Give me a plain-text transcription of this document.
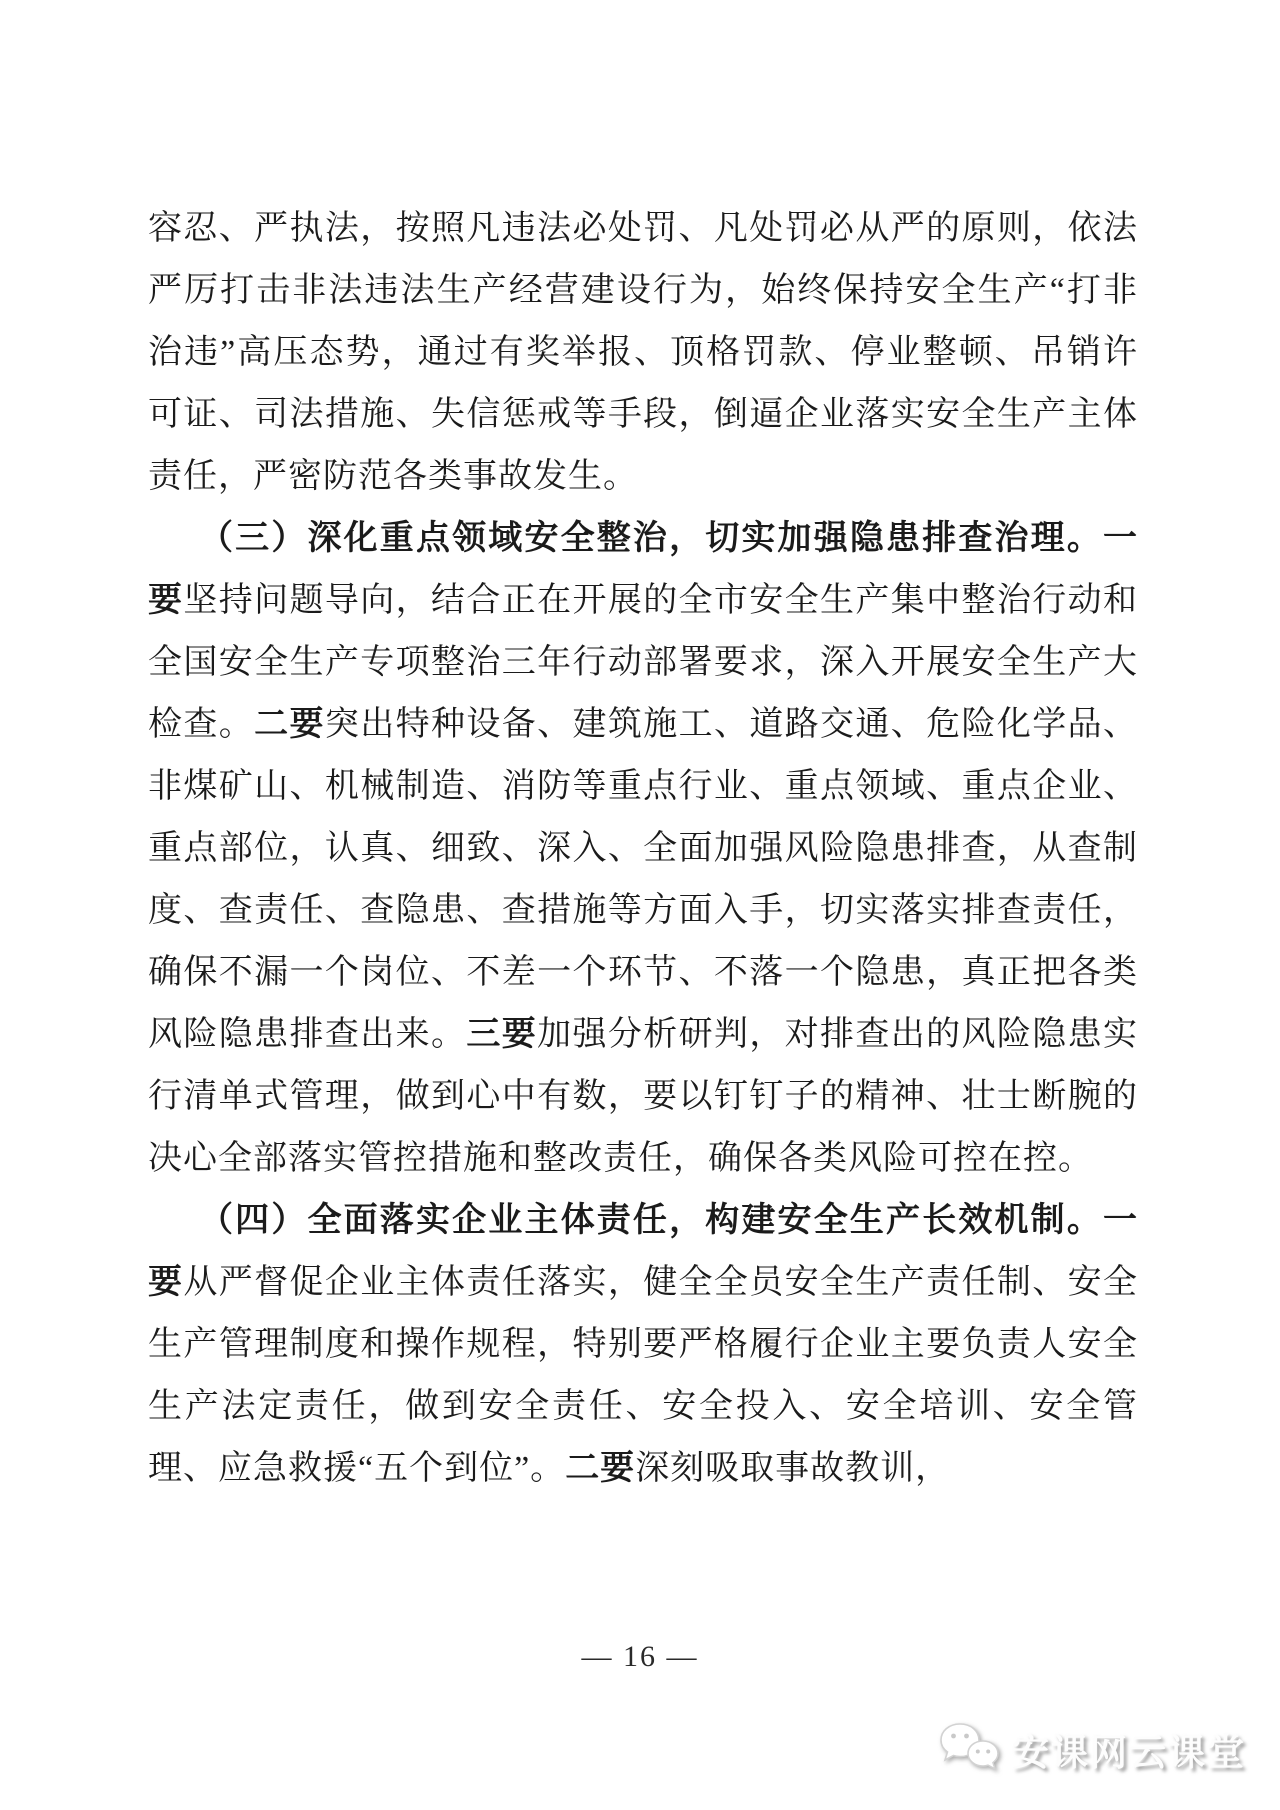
容忍、严执法，按照凡违法必处罚、凡处罚必从严的原则，依法严厉打击非法违法生产经营建设行为，始终保持安全生产“打非治违”高压态势，通过有奖举报、顶格罚款、停业整顿、吊销许可证、司法措施、失信惩戒等手段，倒逼企业落实安全生产主体责任，严密防范各类事故发生。

（三）深化重点领域安全整治，切实加强隐患排查治理。一要坚持问题导向，结合正在开展的全市安全生产集中整治行动和全国安全生产专项整治三年行动部署要求，深入开展安全生产大检查。二要突出特种设备、建筑施工、道路交通、危险化学品、非煤矿山、机械制造、消防等重点行业、重点领域、重点企业、重点部位，认真、细致、深入、全面加强风险隐患排查，从查制度、查责任、查隐患、查措施等方面入手，切实落实排查责任，确保不漏一个岗位、不差一个环节、不落一个隐患，真正把各类风险隐患排查出来。三要加强分析研判，对排查出的风险隐患实行清单式管理，做到心中有数，要以钉钉子的精神、壮士断腕的决心全部落实管控措施和整改责任，确保各类风险可控在控。

（四）全面落实企业主体责任，构建安全生产长效机制。一要从严督促企业主体责任落实，健全全员安全生产责任制、安全生产管理制度和操作规程，特别要严格履行企业主要负责人安全生产法定责任，做到安全责任、安全投入、安全培训、安全管理、应急救援“五个到位”。二要深刻吸取事故教训，

— 16 —
安课网云课堂
